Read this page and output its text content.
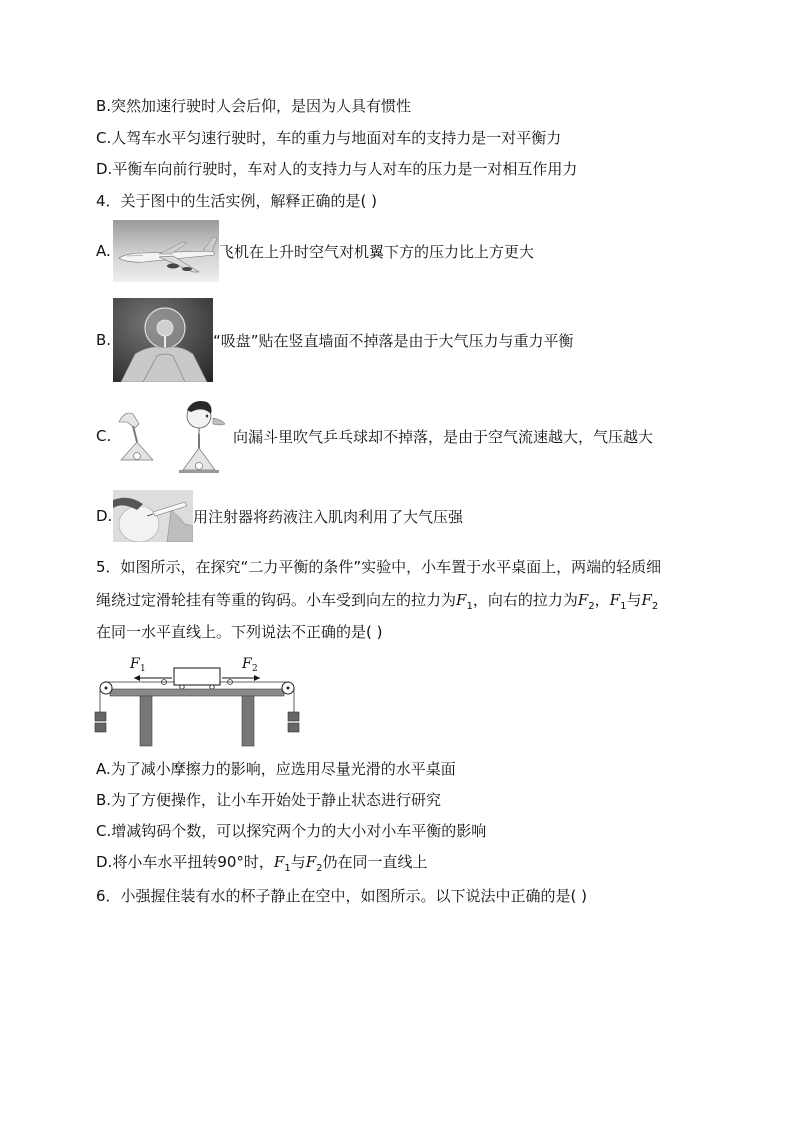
B.突然加速行驶时人会后仰，是因为人具有惯性
C.人驾车水平匀速行驶时，车的重力与地面对车的支持力是一对平衡力
D.平衡车向前行驶时，车对人的支持力与人对车的压力是一对相互作用力
4．关于图中的生活实例，解释正确的是( )
A.	飞机在上升时空气对机翼下方的压力比上方更大
B.	“吸盘”贴在竖直墙面不掉落是由于大气压力与重力平衡
C.	向漏斗里吹气乒乓球却不掉落，是由于空气流速越大，气压越大
D.	用注射器将药液注入肌肉利用了大气压强
5．如图所示，在探究“二力平衡的条件”实验中，小车置于水平桌面上，两端的轻质细
绳绕过定滑轮挂有等重的钩码。小车受到向左的拉力为$F_1$，向右的拉力为$F_2$，$F_1$与$F_2$
在同一水平直线上。下列说法不正确的是( )
F 1	F 2
A.为了减小摩擦力的影响，应选用尽量光滑的水平桌面
B.为了方便操作，让小车开始处于静止状态进行研究
C.增减钩码个数，可以探究两个力的大小对小车平衡的影响
D.将小车水平扭转90°时，$F_1$与$F_2$仍在同一直线上
6．小强握住装有水的杯子静止在空中，如图所示。以下说法中正确的是( )
